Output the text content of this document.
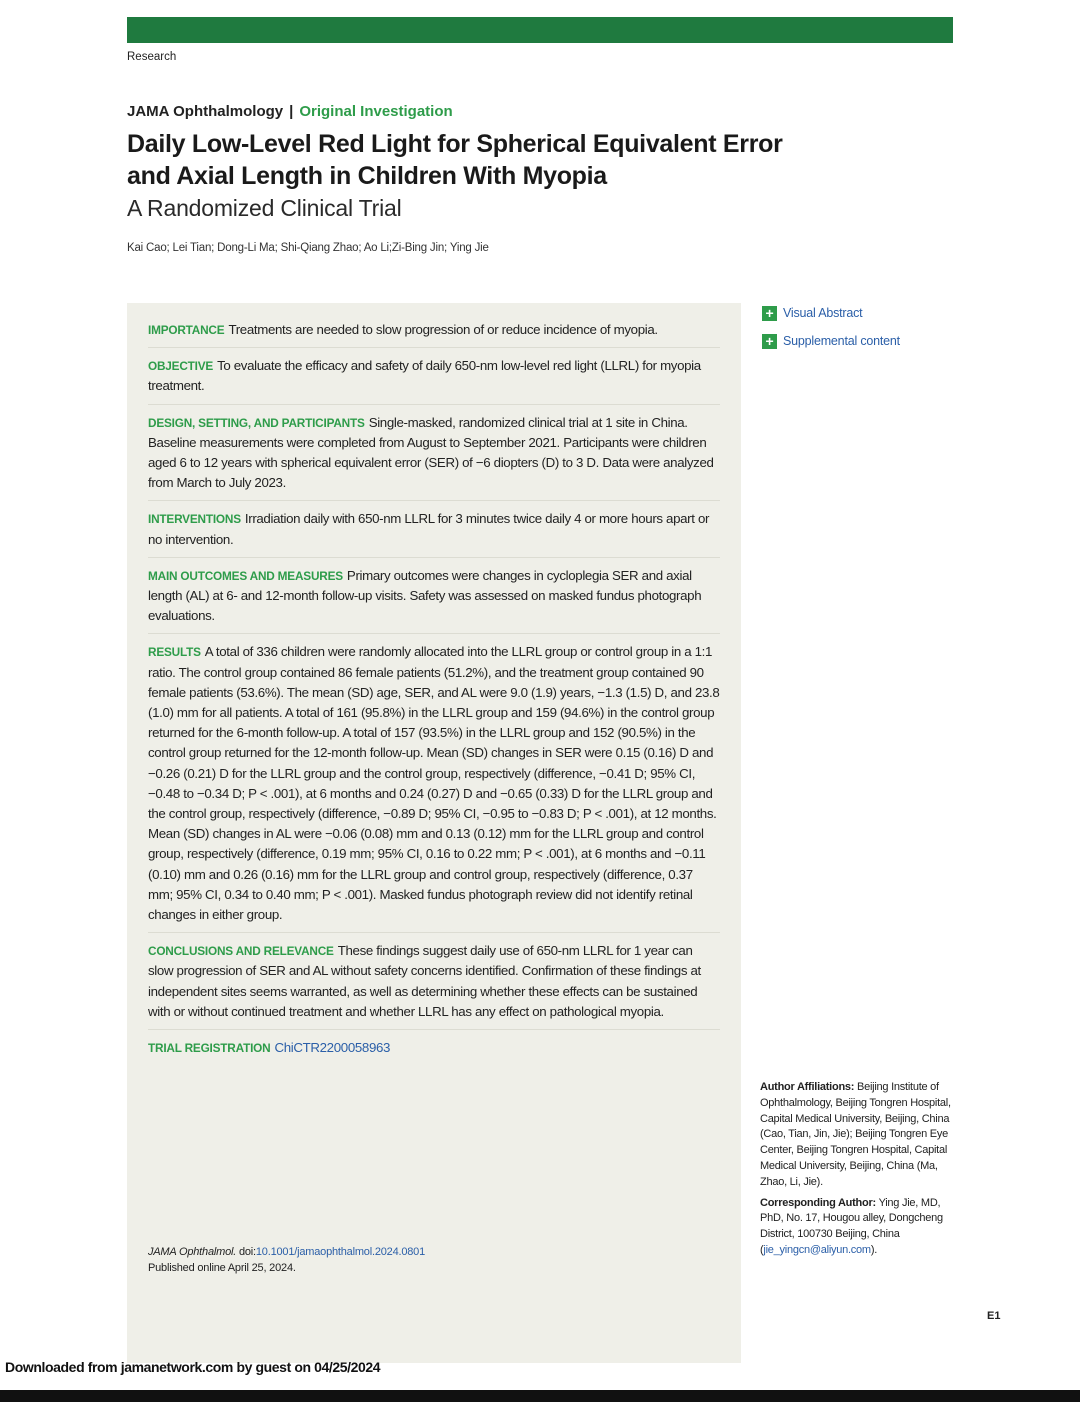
Research
JAMA Ophthalmology | Original Investigation
Daily Low-Level Red Light for Spherical Equivalent Error and Axial Length in Children With Myopia
A Randomized Clinical Trial
Kai Cao; Lei Tian; Dong-Li Ma; Shi-Qiang Zhao; Ao Li;Zi-Bing Jin; Ying Jie
IMPORTANCE Treatments are needed to slow progression of or reduce incidence of myopia.
OBJECTIVE To evaluate the efficacy and safety of daily 650-nm low-level red light (LLRL) for myopia treatment.
DESIGN, SETTING, AND PARTICIPANTS Single-masked, randomized clinical trial at 1 site in China. Baseline measurements were completed from August to September 2021. Participants were children aged 6 to 12 years with spherical equivalent error (SER) of −6 diopters (D) to 3 D. Data were analyzed from March to July 2023.
INTERVENTIONS Irradiation daily with 650-nm LLRL for 3 minutes twice daily 4 or more hours apart or no intervention.
MAIN OUTCOMES AND MEASURES Primary outcomes were changes in cycloplegia SER and axial length (AL) at 6- and 12-month follow-up visits. Safety was assessed on masked fundus photograph evaluations.
RESULTS A total of 336 children were randomly allocated into the LLRL group or control group in a 1:1 ratio. The control group contained 86 female patients (51.2%), and the treatment group contained 90 female patients (53.6%). The mean (SD) age, SER, and AL were 9.0 (1.9) years, −1.3 (1.5) D, and 23.8 (1.0) mm for all patients. A total of 161 (95.8%) in the LLRL group and 159 (94.6%) in the control group returned for the 6-month follow-up. A total of 157 (93.5%) in the LLRL group and 152 (90.5%) in the control group returned for the 12-month follow-up. Mean (SD) changes in SER were 0.15 (0.16) D and −0.26 (0.21) D for the LLRL group and the control group, respectively (difference, −0.41 D; 95% CI, −0.48 to −0.34 D; P < .001), at 6 months and 0.24 (0.27) D and −0.65 (0.33) D for the LLRL group and the control group, respectively (difference, −0.89 D; 95% CI, −0.95 to −0.83 D; P < .001), at 12 months. Mean (SD) changes in AL were −0.06 (0.08) mm and 0.13 (0.12) mm for the LLRL group and control group, respectively (difference, 0.19 mm; 95% CI, 0.16 to 0.22 mm; P < .001), at 6 months and −0.11 (0.10) mm and 0.26 (0.16) mm for the LLRL group and control group, respectively (difference, 0.37 mm; 95% CI, 0.34 to 0.40 mm; P < .001). Masked fundus photograph review did not identify retinal changes in either group.
CONCLUSIONS AND RELEVANCE These findings suggest daily use of 650-nm LLRL for 1 year can slow progression of SER and AL without safety concerns identified. Confirmation of these findings at independent sites seems warranted, as well as determining whether these effects can be sustained with or without continued treatment and whether LLRL has any effect on pathological myopia.
TRIAL REGISTRATION ChiCTR2200058963
+ Visual Abstract
+ Supplemental content

Author Affiliations: Beijing Institute of Ophthalmology, Beijing Tongren Hospital, Capital Medical University, Beijing, China (Cao, Tian, Jin, Jie); Beijing Tongren Eye Center, Beijing Tongren Hospital, Capital Medical University, Beijing, China (Ma, Zhao, Li, Jie).

Corresponding Author: Ying Jie, MD, PhD, No. 17, Hougou alley, Dongcheng District, 100730 Beijing, China (jie_yingcn@aliyun.com).

JAMA Ophthalmol. doi:10.1001/jamaophthalmol.2024.0801
Published online April 25, 2024.
E1
Downloaded from jamanetwork.com by guest on 04/25/2024
